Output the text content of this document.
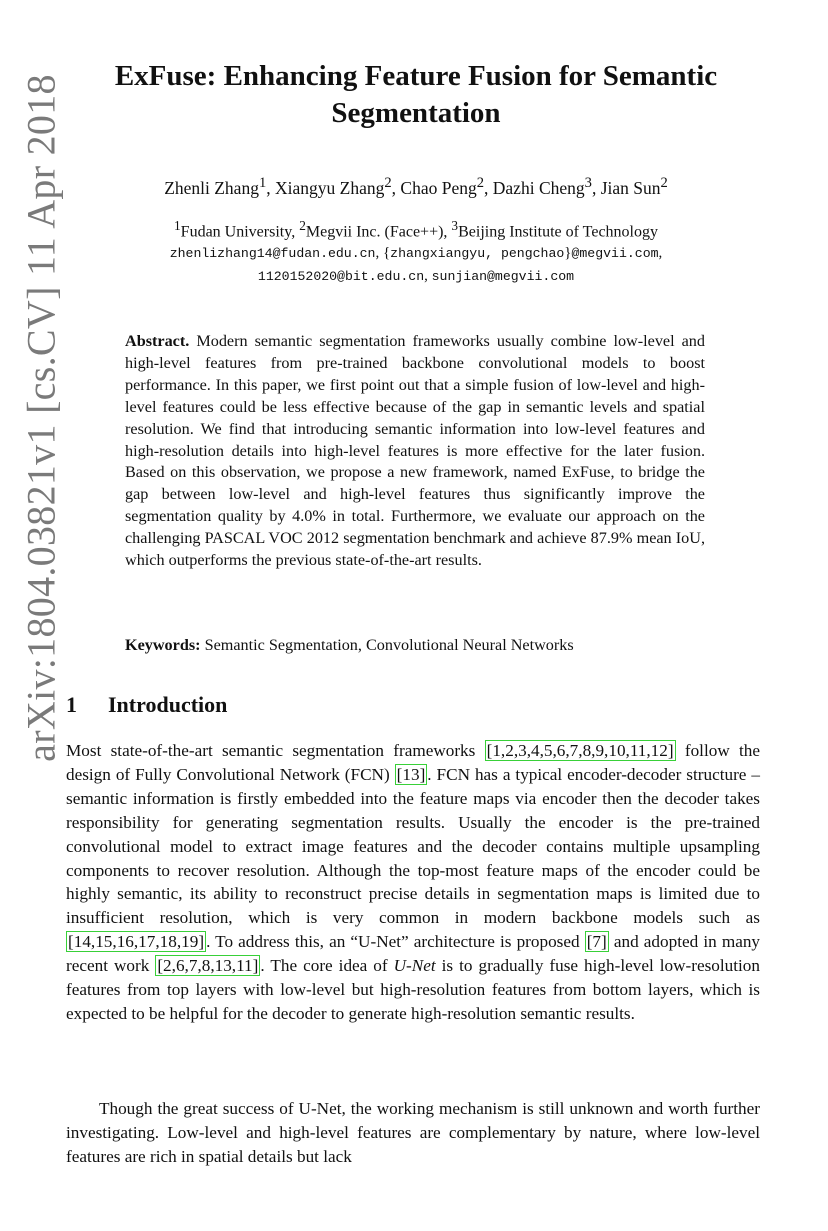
arXiv:1804.03821v1 [cs.CV] 11 Apr 2018	ExFuse: Enhancing Feature Fusion for Semantic
Segmentation
Zhenli Zhang$^1$, Xiangyu Zhang$^2$, Chao Peng$^2$, Dazhi Cheng$^3$, Jian Sun$^2$
$^1$Fudan University, $^2$Megvii Inc. (Face++), $^3$Beijing Institute of Technology
zhenlizhang14@fudan.edu.cn, {zhangxiangyu, pengchao}@megvii.com,
1120152020@bit.edu.cn, sunjian@megvii.com

Abstract. Modern semantic segmentation frameworks usually combine low-level and high-level features from pre-trained backbone convolutional models to boost performance. In this paper, we first point out that a simple fusion of low-level and high-level features could be less effective because of the gap in semantic levels and spatial resolution. We find that introducing semantic information into low-level features and high-resolution details into high-level features is more effective for the later fusion. Based on this observation, we propose a new framework, named ExFuse, to bridge the gap between low-level and high-level features thus significantly improve the segmentation quality by 4.0% in total. Furthermore, we evaluate our approach on the challenging PASCAL VOC 2012 segmentation benchmark and achieve 87.9% mean IoU, which outperforms the previous state-of-the-art results.

Keywords: Semantic Segmentation, Convolutional Neural Networks

1 Introduction

Most state-of-the-art semantic segmentation frameworks [1,2,3,4,5,6,7,8,9,10,11,12] follow the design of Fully Convolutional Network (FCN) [13] . FCN has a typical encoder-decoder structure – semantic information is firstly embedded into the feature maps via encoder then the decoder takes responsibility for generating segmentation results. Usually the encoder is the pre-trained convolutional model to extract image features and the decoder contains multiple upsampling components to recover resolution. Although the top-most feature maps of the encoder could be highly semantic, its ability to reconstruct precise details in segmentation maps is limited due to insufficient resolution, which is very common in modern backbone models such as [14,15,16,17,18,19] . To address this, an “U-Net” architecture is proposed [7] and adopted in many recent work [2,6,7,8,13,11] . The core idea of U-Net is to gradually fuse high-level low-resolution features from top layers with low-level but high-resolution features from bottom layers, which is expected to be helpful for the decoder to generate high-resolution semantic results.

Though the great success of U-Net, the working mechanism is still unknown and worth further investigating. Low-level and high-level features are complementary by nature, where low-level features are rich in spatial details but lack
